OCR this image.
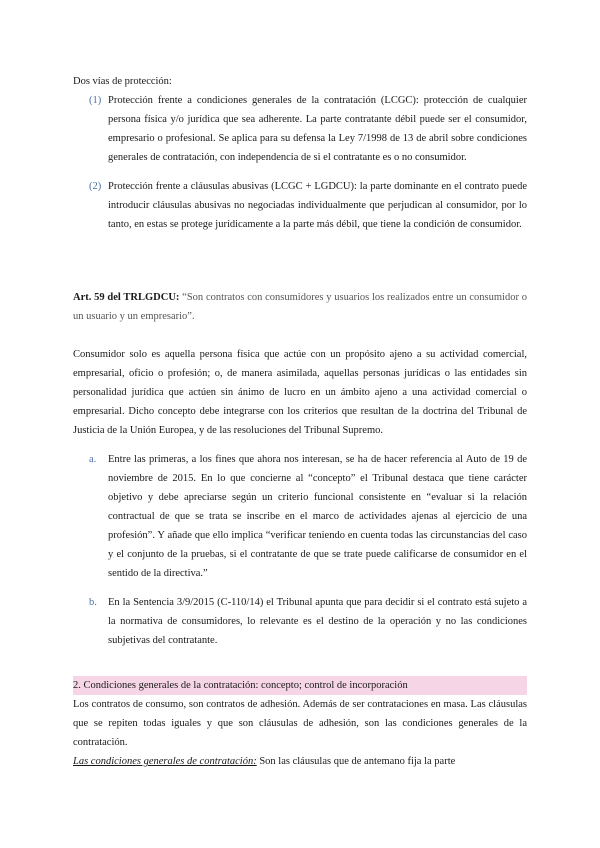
Dos vías de protección:

(1) Protección frente a condiciones generales de la contratación (LCGC): protección de cualquier persona física y/o jurídica que sea adherente. La parte contratante débil puede ser el consumidor, empresario o profesional. Se aplica para su defensa la Ley 7/1998 de 13 de abril sobre condiciones generales de contratación, con independencia de si el contratante es o no consumidor.

(2) Protección frente a cláusulas abusivas (LCGC + LGDCU): la parte dominante en el contrato puede introducir cláusulas abusivas no negociadas individualmente que perjudican al consumidor, por lo tanto, en estas se protege jurídicamente a la parte más débil, que tiene la condición de consumidor.

Art. 59 del TRLGDCU: “Son contratos con consumidores y usuarios los realizados entre un consumidor o un usuario y un empresario”.

Consumidor solo es aquella persona física que actúe con un propósito ajeno a su actividad comercial, empresarial, oficio o profesión; o, de manera asimilada, aquellas personas jurídicas o las entidades sin personalidad jurídica que actúen sin ánimo de lucro en un ámbito ajeno a una actividad comercial o empresarial. Dicho concepto debe integrarse con los criterios que resultan de la doctrina del Tribunal de Justicia de la Unión Europea, y de las resoluciones del Tribunal Supremo.

a. Entre las primeras, a los fines que ahora nos interesan, se ha de hacer referencia al Auto de 19 de noviembre de 2015. En lo que concierne al “concepto” el Tribunal destaca que tiene carácter objetivo y debe apreciarse según un criterio funcional consistente en “evaluar si la relación contractual de que se trata se inscribe en el marco de actividades ajenas al ejercicio de una profesión”. Y añade que ello implica “verificar teniendo en cuenta todas las circunstancias del caso y el conjunto de la pruebas, si el contratante de que se trate puede calificarse de consumidor en el sentido de la directiva.”

b. En la Sentencia 3/9/2015 (C-110/14) el Tribunal apunta que para decidir si el contrato está sujeto a la normativa de consumidores, lo relevante es el destino de la operación y no las condiciones subjetivas del contratante.

2. Condiciones generales de la contratación: concepto; control de incorporación

Los contratos de consumo, son contratos de adhesión. Además de ser contrataciones en masa. Las cláusulas que se repiten todas iguales y que son cláusulas de adhesión, son las condiciones generales de la contratación.

Las condiciones generales de contratación: Son las cláusulas que de antemano fija la parte
